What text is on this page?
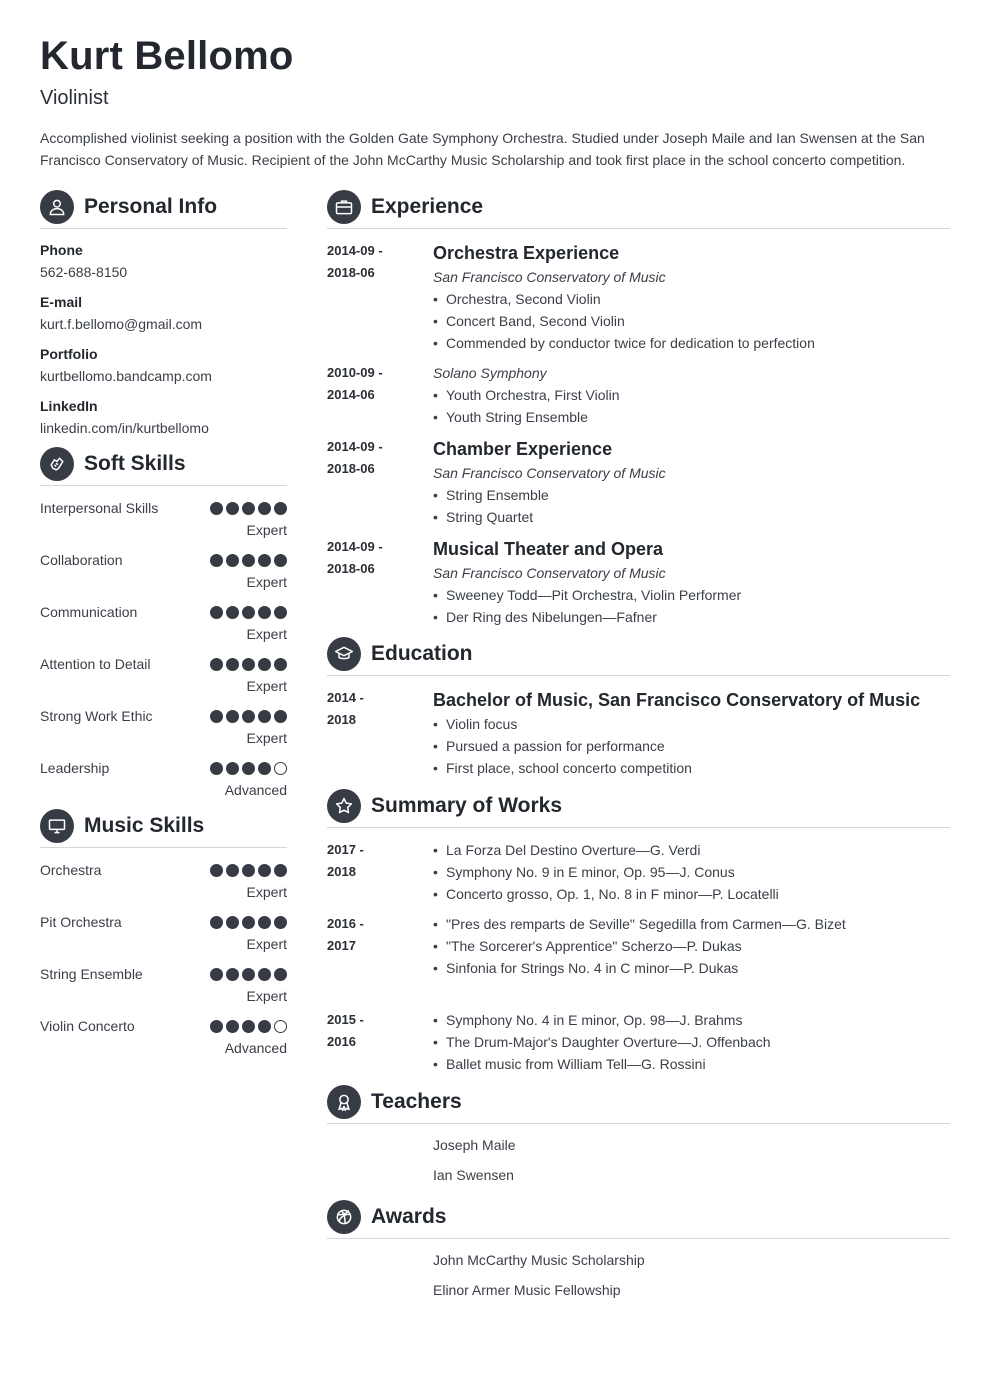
Kurt Bellomo
Violinist
Accomplished violinist seeking a position with the Golden Gate Symphony Orchestra. Studied under Joseph Maile and Ian Swensen at the San Francisco Conservatory of Music. Recipient of the John McCarthy Music Scholarship and took first place in the school concerto competition.
Personal Info
Phone
562-688-8150
E-mail
kurt.f.bellomo@gmail.com
Portfolio
kurtbellomo.bandcamp.com
LinkedIn
linkedin.com/in/kurtbellomo
Soft Skills
Interpersonal Skills
Expert
Collaboration
Expert
Communication
Expert
Attention to Detail
Expert
Strong Work Ethic
Expert
Leadership
Advanced
Music Skills
Orchestra
Expert
Pit Orchestra
Expert
String Ensemble
Expert
Violin Concerto
Advanced
Experience
2014-09 -
2018-06
Orchestra Experience
San Francisco Conservatory of Music
• Orchestra, Second Violin
• Concert Band, Second Violin
• Commended by conductor twice for dedication to perfection
2010-09 -
2014-06
Solano Symphony
• Youth Orchestra, First Violin
• Youth String Ensemble
2014-09 -
2018-06
Chamber Experience
San Francisco Conservatory of Music
• String Ensemble
• String Quartet
2014-09 -
2018-06
Musical Theater and Opera
San Francisco Conservatory of Music
• Sweeney Todd—Pit Orchestra, Violin Performer
• Der Ring des Nibelungen—Fafner
Education
2014 -
2018
Bachelor of Music, San Francisco Conservatory of Music
• Violin focus
• Pursued a passion for performance
• First place, school concerto competition
Summary of Works
2017 -
2018
• La Forza Del Destino Overture—G. Verdi
• Symphony No. 9 in E minor, Op. 95—J. Conus
• Concerto grosso, Op. 1, No. 8 in F minor—P. Locatelli
2016 -
2017
• "Pres des remparts de Seville" Segedilla from Carmen—G. Bizet
• "The Sorcerer's Apprentice" Scherzo—P. Dukas
• Sinfonia for Strings No. 4 in C minor—P. Dukas
2015 -
2016
• Symphony No. 4 in E minor, Op. 98—J. Brahms
• The Drum-Major's Daughter Overture—J. Offenbach
• Ballet music from William Tell—G. Rossini
Teachers
Joseph Maile
Ian Swensen
Awards
John McCarthy Music Scholarship
Elinor Armer Music Fellowship
